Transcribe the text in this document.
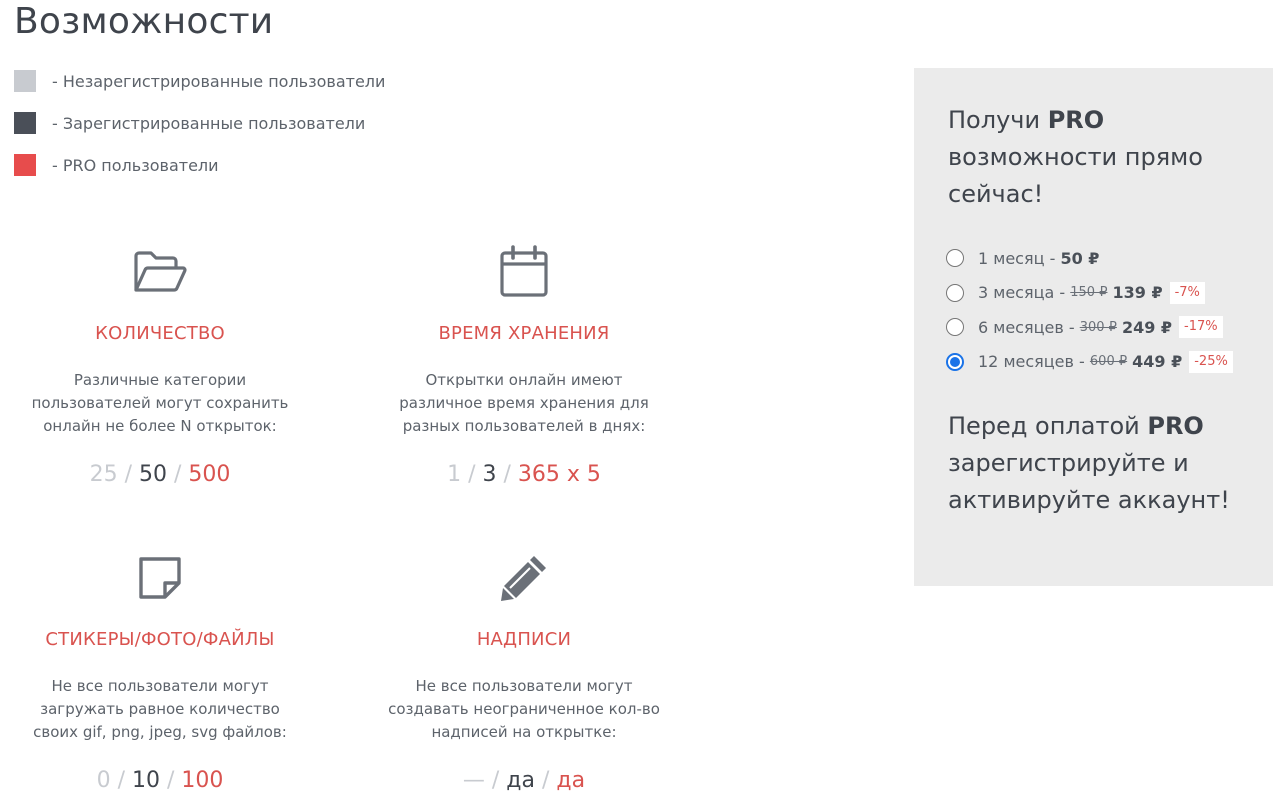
Возможности
- Незарегистрированные пользователи
- Зарегистрированные пользователи
- PRO пользователи
КОЛИЧЕСТВО
Различные категории пользователей могут сохранить онлайн не более N открыток:
25 / 50 / 500
ВРЕМЯ ХРАНЕНИЯ
Открытки онлайн имеют различное время хранения для разных пользователей в днях:
1 / 3 / 365 x 5
СТИКЕРЫ/ФОТО/ФАЙЛЫ
Не все пользователи могут загружать равное количество своих gif, png, jpeg, svg файлов:
0 / 10 / 100
НАДПИСИ
Не все пользователи могут создавать неограниченное кол-во надписей на открытке:
— / да / да
Получи PRO возможности прямо сейчас!
1 месяц -
50 ₽
3 месяца -
150 ₽ 139 ₽ -7%
6 месяцев -
300 ₽ 249 ₽ -17%
12 месяцев -
600 ₽ 449 ₽ -25%
Перед оплатой PRO зарегистрируйте и активируйте аккаунт!
